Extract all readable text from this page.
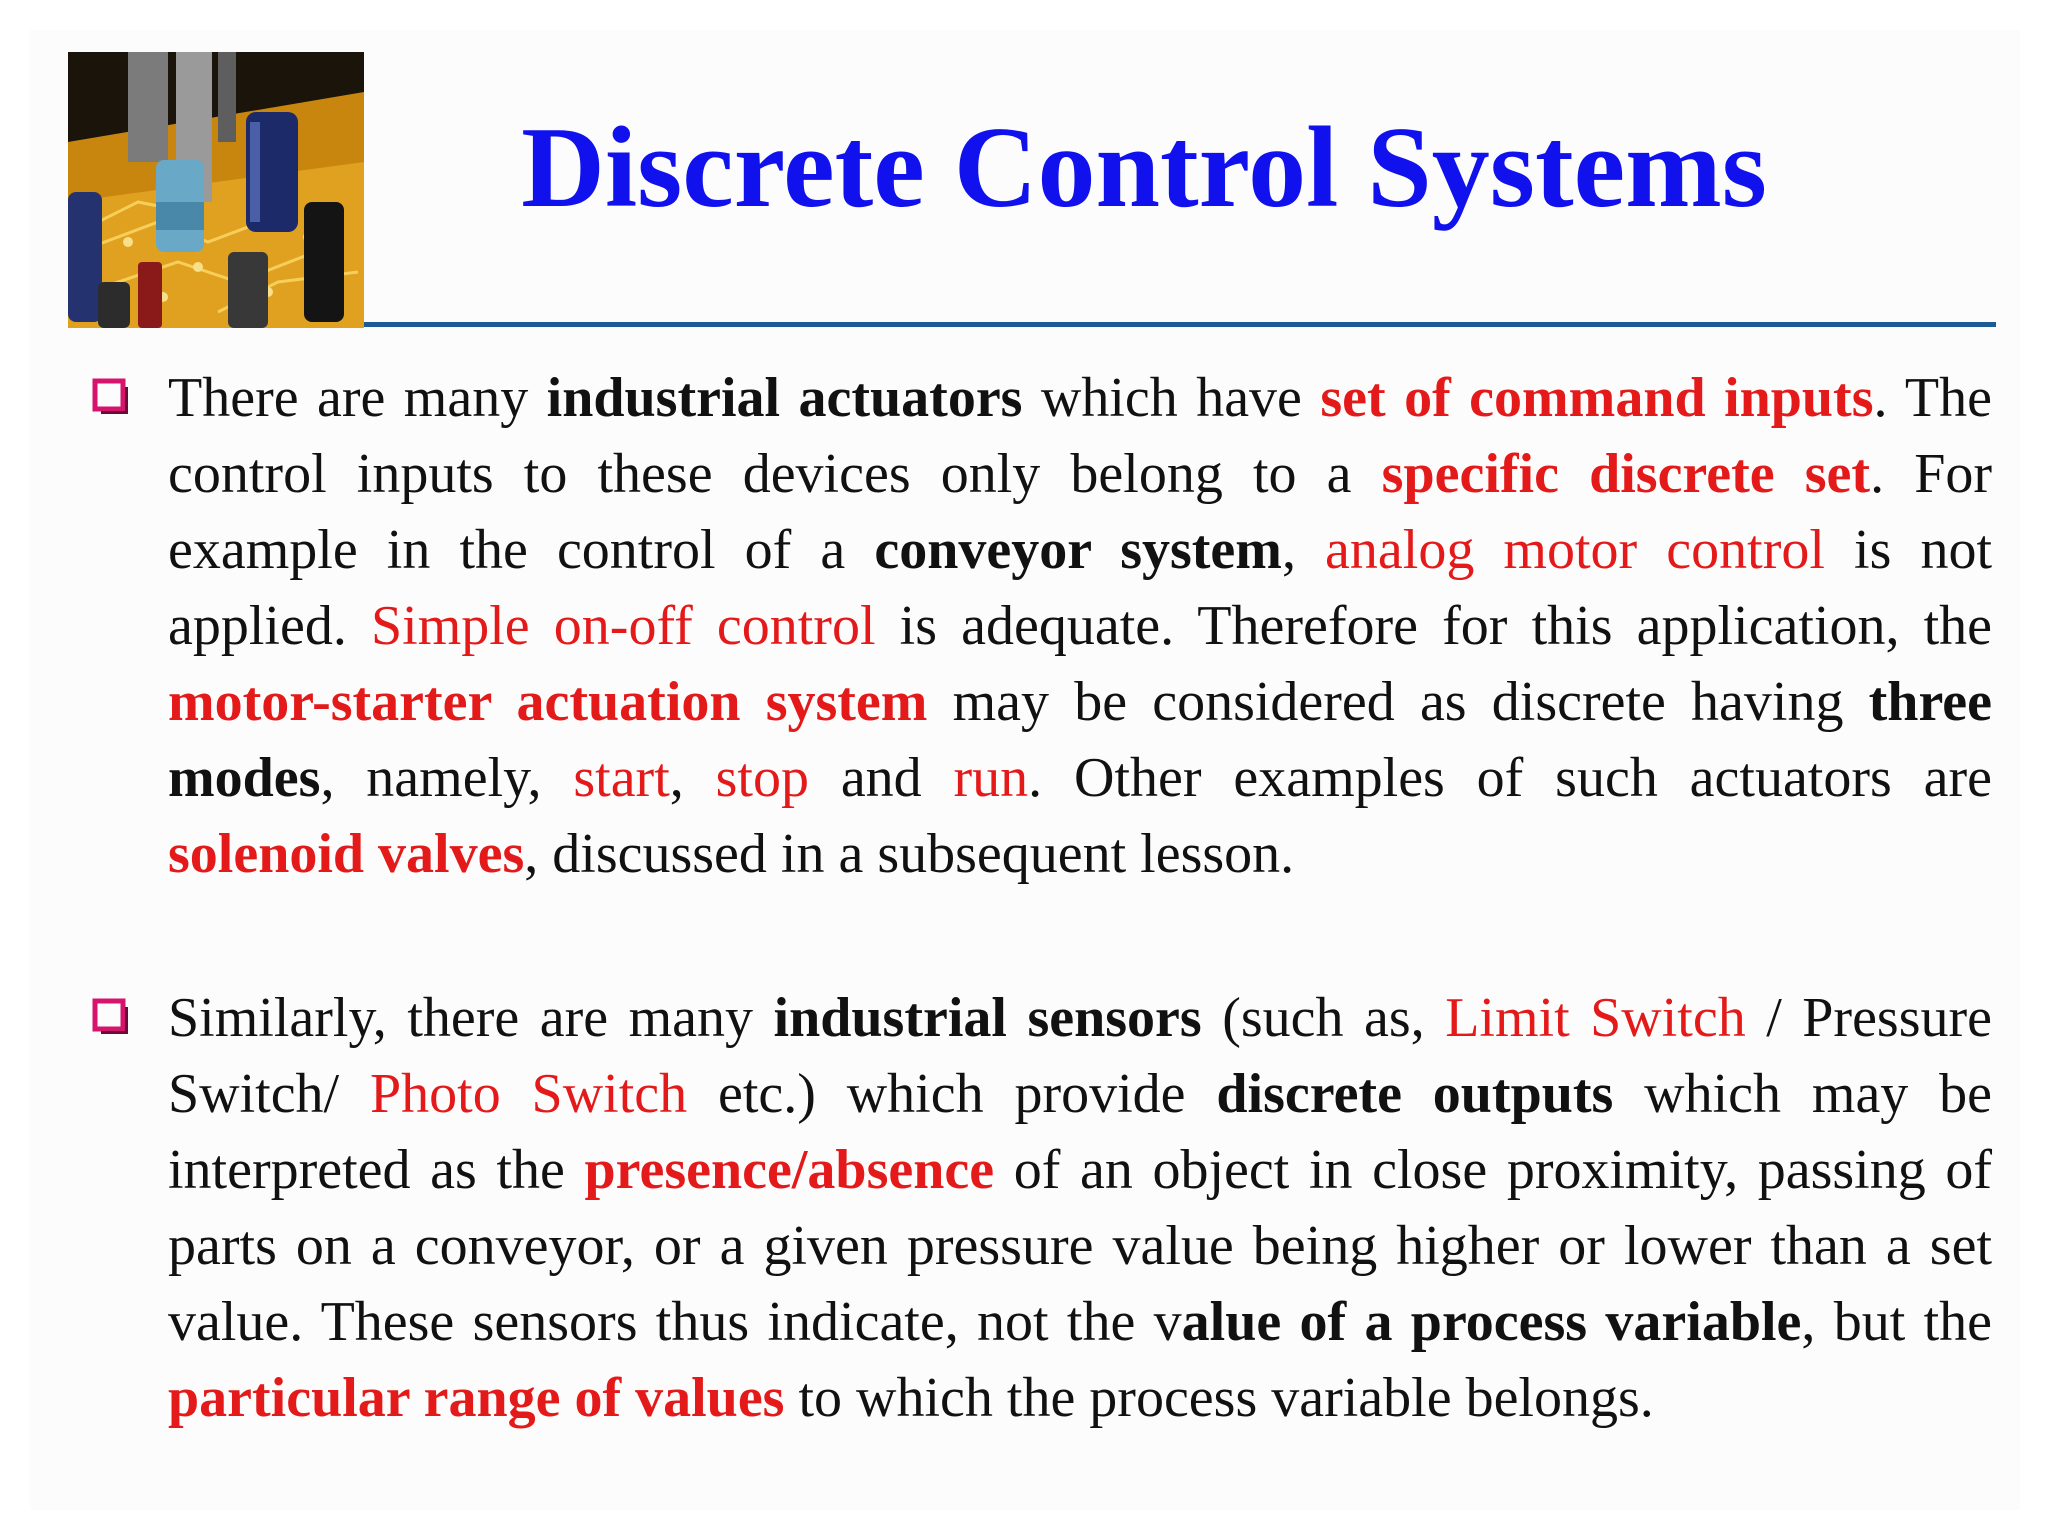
Discrete Control Systems
There are many industrial actuators which have set of command inputs. The control inputs to these devices only belong to a specific discrete set. For example in the control of a conveyor system, analog motor control is not applied. Simple on-off control is adequate. Therefore for this application, the motor-starter actuation system may be considered as discrete having three modes, namely, start, stop and run. Other examples of such actuators are solenoid valves, discussed in a subsequent lesson.
Similarly, there are many industrial sensors (such as, Limit Switch / Pressure Switch/ Photo Switch etc.) which provide discrete outputs which may be interpreted as the presence/absence of an object in close proximity, passing of parts on a conveyor, or a given pressure value being higher or lower than a set value. These sensors thus indicate, not the value of a process variable, but the particular range of values to which the process variable belongs.
